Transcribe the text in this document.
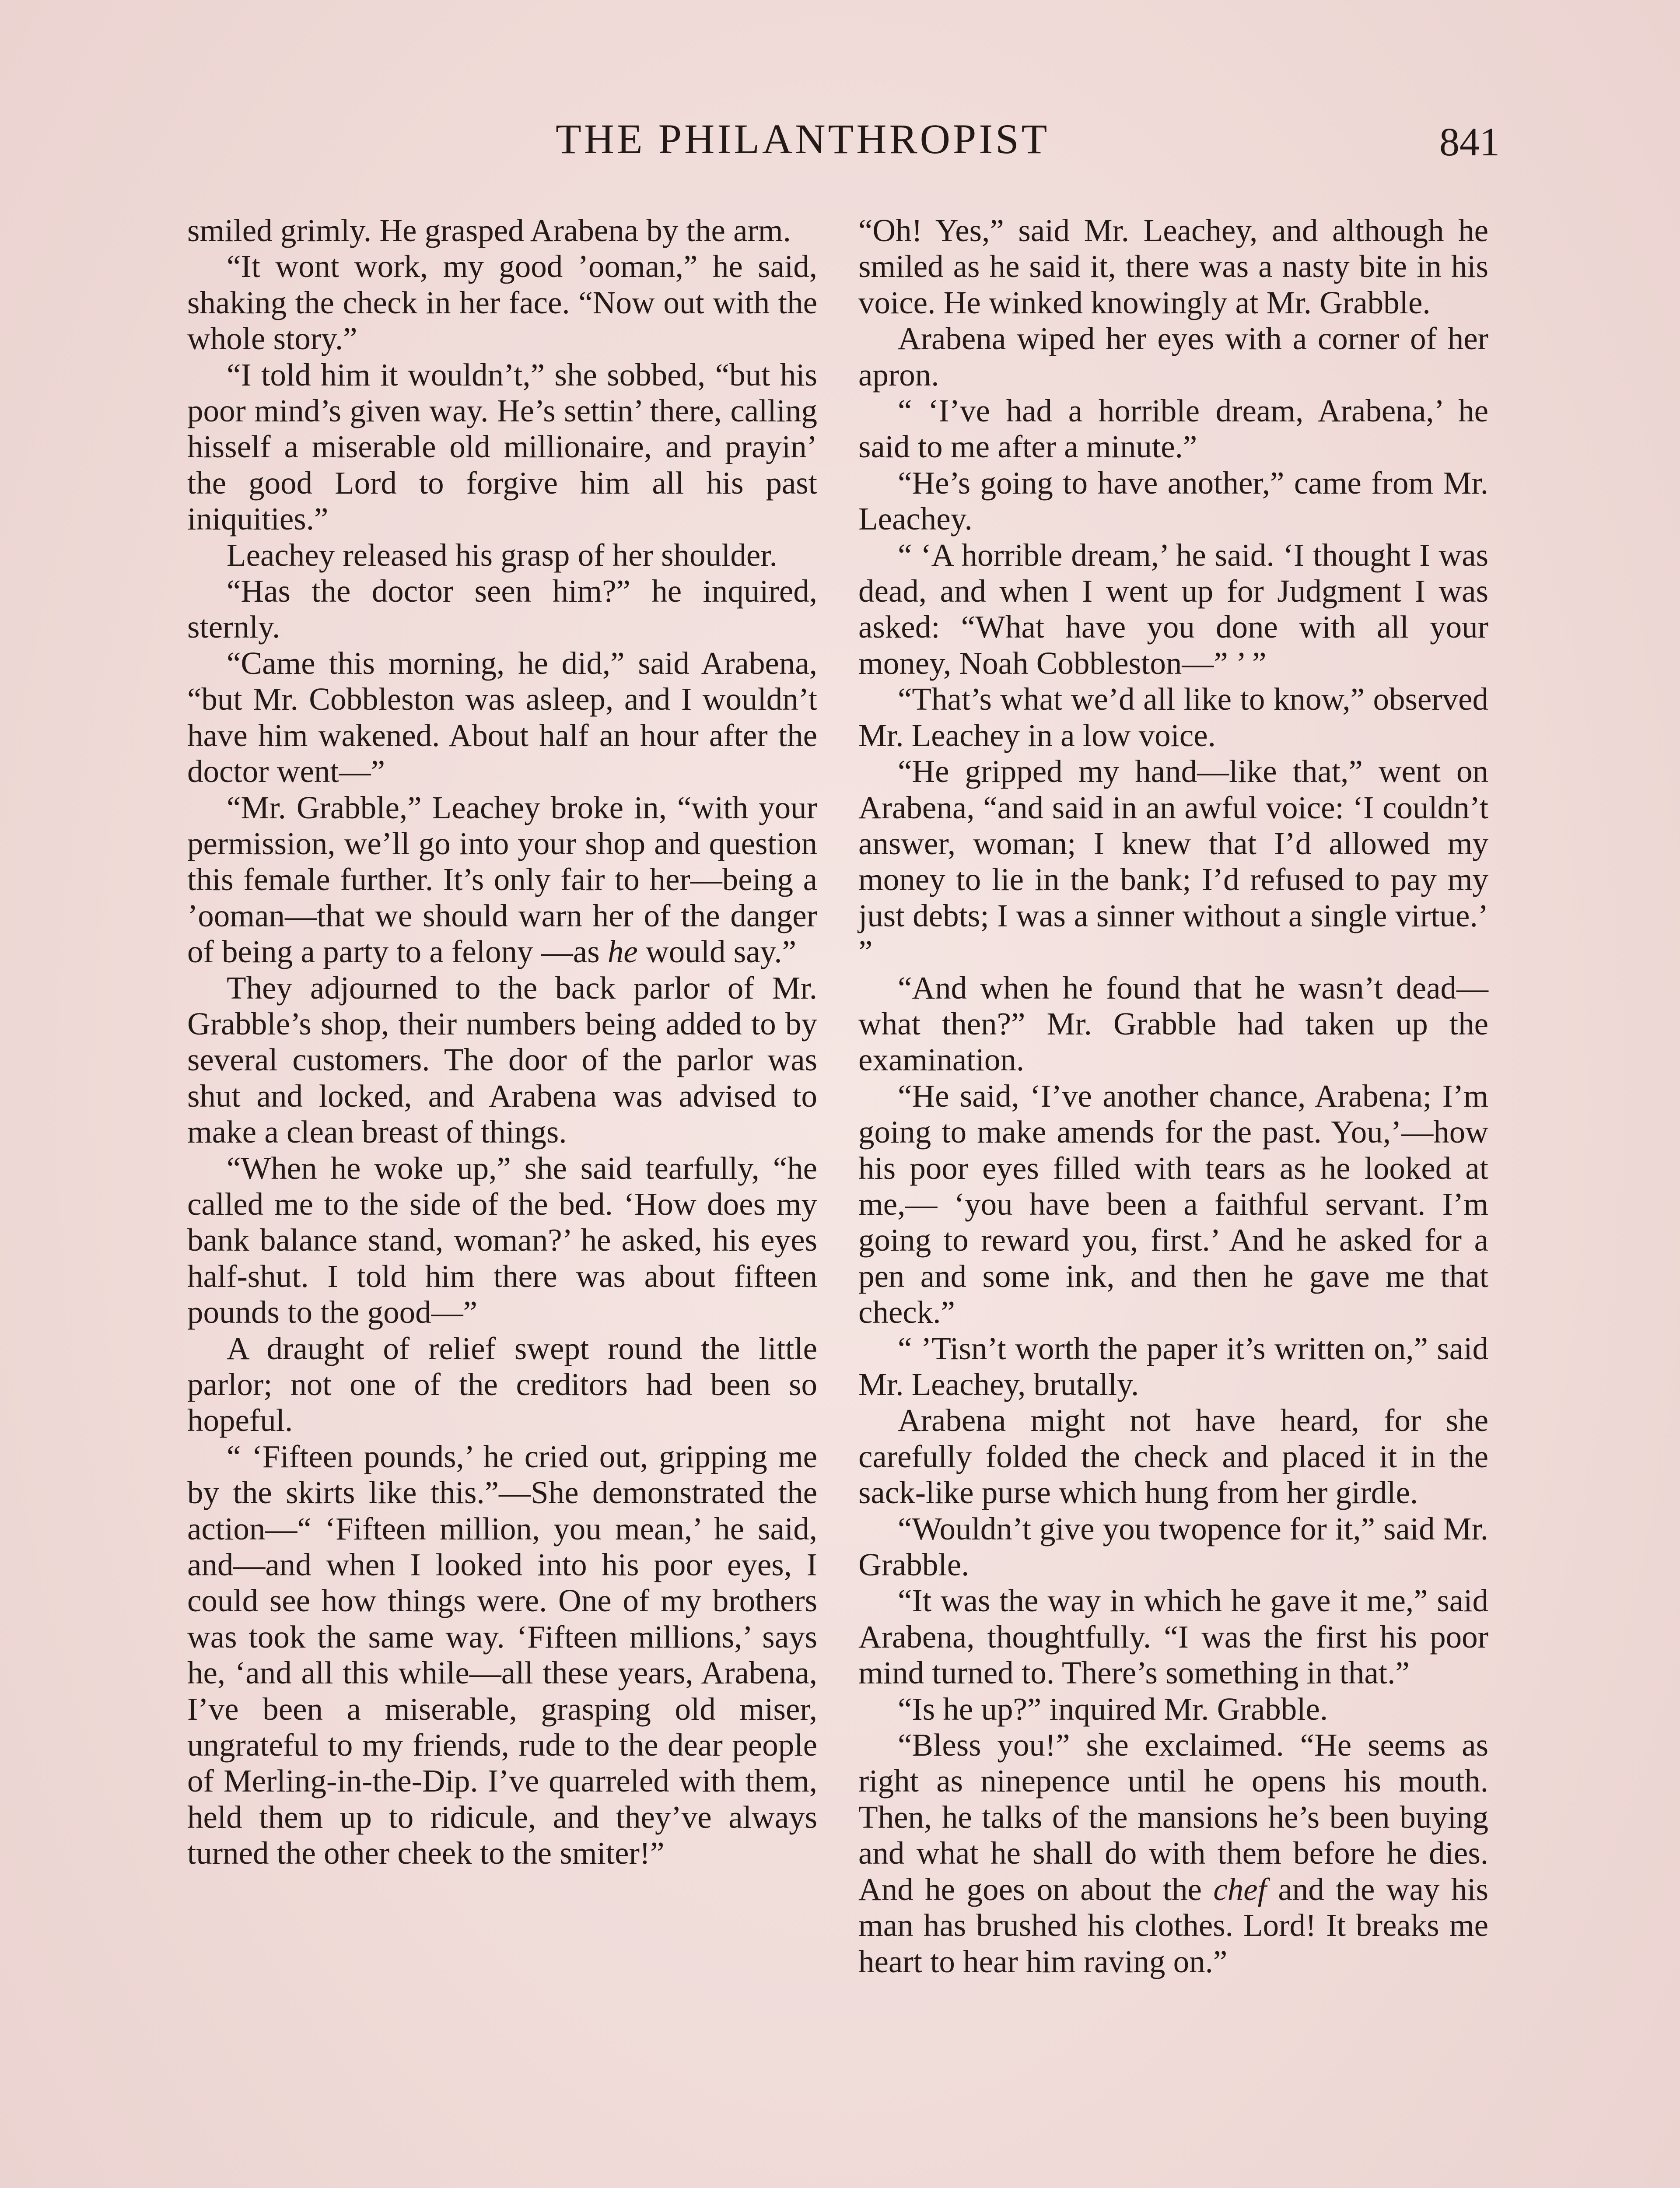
THE PHILANTHROPIST	841

smiled grimly. He grasped Arabena by the arm.

“It wont work, my good ’ooman,” he said, shaking the check in her face. “Now out with the whole story.”

“I told him it wouldn’t,” she sobbed, “but his poor mind’s given way. He’s settin’ there, calling hisself a miserable old millionaire, and prayin’ the good Lord to forgive him all his past iniquities.”

Leachey released his grasp of her shoulder.

“Has the doctor seen him?” he inquired, sternly.

“Came this morning, he did,” said Arabena, “but Mr. Cobbleston was asleep, and I wouldn’t have him wakened. About half an hour after the doctor went—”

“Mr. Grabble,” Leachey broke in, “with your permission, we’ll go into your shop and question this female further. It’s only fair to her—being a ’ooman—that we should warn her of the danger of being a party to a felony —as he would say.”

They adjourned to the back parlor of Mr. Grabble’s shop, their numbers being added to by several customers. The door of the parlor was shut and locked, and Arabena was advised to make a clean breast of things.

“When he woke up,” she said tearfully, “he called me to the side of the bed. ‘How does my bank balance stand, woman?’ he asked, his eyes half-shut. I told him there was about fifteen pounds to the good—”

A draught of relief swept round the little parlor; not one of the creditors had been so hopeful.

“ ‘Fifteen pounds,’ he cried out, gripping me by the skirts like this.”—She demonstrated the action—“ ‘Fifteen million, you mean,’ he said, and—and when I looked into his poor eyes, I could see how things were. One of my brothers was took the same way. ‘Fifteen millions,’ says he, ‘and all this while—all these years, Arabena, I’ve been a miserable, grasping old miser, ungrateful to my friends, rude to the dear people of Merling-in-the-Dip. I’ve quarreled with them, held them up to ridicule, and they’ve always turned the other cheek to the smiter!”

“Oh! Yes,” said Mr. Leachey, and although he smiled as he said it, there was a nasty bite in his voice. He winked knowingly at Mr. Grabble.

Arabena wiped her eyes with a corner of her apron.

“ ‘I’ve had a horrible dream, Arabena,’ he said to me after a minute.”

“He’s going to have another,” came from Mr. Leachey.

“ ‘A horrible dream,’ he said. ‘I thought I was dead, and when I went up for Judgment I was asked: “What have you done with all your money, Noah Cobbleston—” ’ ”

“That’s what we’d all like to know,” observed Mr. Leachey in a low voice.

“He gripped my hand—like that,” went on Arabena, “and said in an awful voice: ‘I couldn’t answer, woman; I knew that I’d allowed my money to lie in the bank; I’d refused to pay my just debts; I was a sinner without a single virtue.’ ”

“And when he found that he wasn’t dead—what then?” Mr. Grabble had taken up the examination.

“He said, ‘I’ve another chance, Arabena; I’m going to make amends for the past. You,’—how his poor eyes filled with tears as he looked at me,— ‘you have been a faithful servant. I’m going to reward you, first.’ And he asked for a pen and some ink, and then he gave me that check.”

“ ’Tisn’t worth the paper it’s written on,” said Mr. Leachey, brutally.

Arabena might not have heard, for she carefully folded the check and placed it in the sack-like purse which hung from her girdle.

“Wouldn’t give you twopence for it,” said Mr. Grabble.

“It was the way in which he gave it me,” said Arabena, thoughtfully. “I was the first his poor mind turned to. There’s something in that.”

“Is he up?” inquired Mr. Grabble.

“Bless you!” she exclaimed. “He seems as right as ninepence until he opens his mouth. Then, he talks of the mansions he’s been buying and what he shall do with them before he dies. And he goes on about the chef and the way his man has brushed his clothes. Lord! It breaks me heart to hear him raving on.”
